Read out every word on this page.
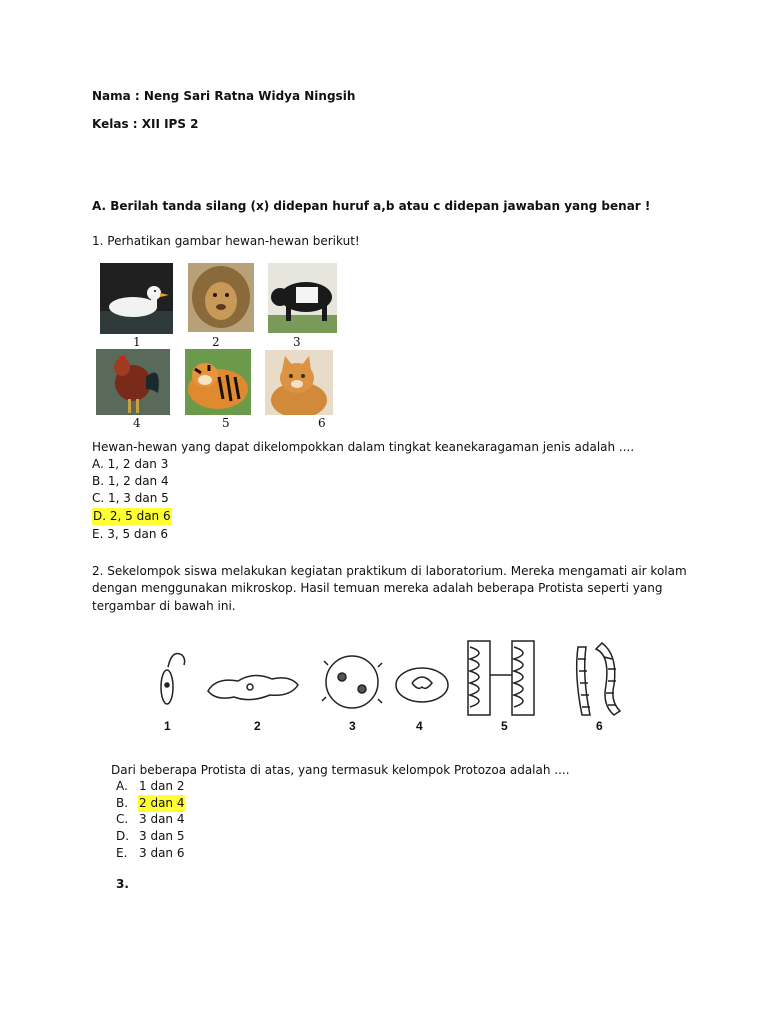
Nama : Neng Sari Ratna Widya Ningsih
Kelas : XII IPS 2
A. Berilah tanda silang (x) didepan huruf a,b atau c didepan jawaban yang benar !
1. Perhatikan gambar hewan-hewan berikut!
1	2	3
4	5	6
Hewan-hewan yang dapat dikelompokkan dalam tingkat keanekaragaman jenis adalah ....
A. 1, 2 dan 3
B. 1, 2 dan 4
C. 1, 3 dan 5
D. 2, 5 dan 6
E. 3, 5 dan 6
2. Sekelompok siswa melakukan kegiatan praktikum di laboratorium. Mereka mengamati air kolam
dengan menggunakan mikroskop. Hasil temuan mereka adalah beberapa Protista seperti yang
tergambar di bawah ini.
1	2	3	4	5	6
Dari beberapa Protista di atas, yang termasuk kelompok Protozoa adalah ....
A. 1 dan 2
B. 2 dan 4
C. 3 dan 4
D. 3 dan 5
E. 3 dan 6
3.
